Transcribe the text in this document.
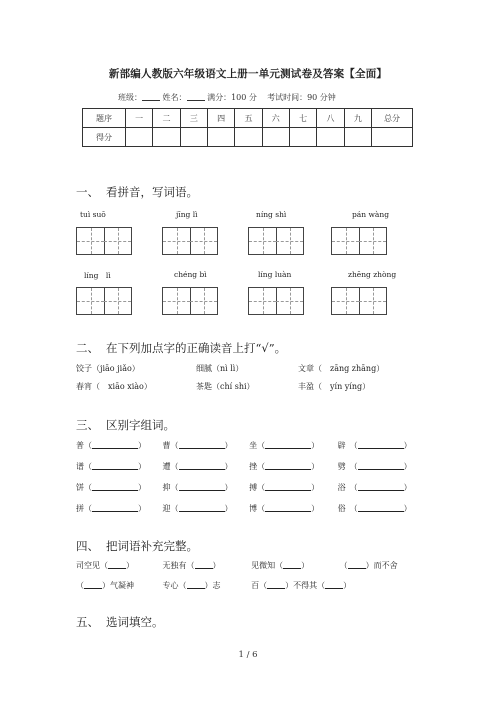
新部编人教版六年级语文上册一单元测试卷及答案【全面】
班级：	姓名：	满分：100 分 考试时间：90 分钟
题序	一	二	三	四	五	六	七	八	九	总分
得分										
一、 看拼音，写词语。
tuì suō	jīng lì	níng shì	pán wàng
líng　lì	chéng bì	líng luàn	zhēng zhòng
二、 在下列加点字的正确读音上打“√”。
饺子（jiāo jiǎo）	细腻（nì lì）	文章（　zāng zhāng）
春宵（　xiāo xiào）	茶匙（chí shi）	丰盈（　yín yíng）
三、 区别字组词。
普（	） 曹（	） 坐（	） 辟　（	）
谱（	） 遭（	） 挫（	） 劈　（	）
饼（	） 抑（	） 搏（	） 浴　（	）
拼（	） 迎（	） 博（	） 俗　（	）
四、 把词语补充完整。
司空见（ ）	无独有（ ）	见微知（ ）	（ ）而不舍
（ ）气凝神	专心（ ）志	百（ ）不得其（ ）
五、 选词填空。
1 / 6
